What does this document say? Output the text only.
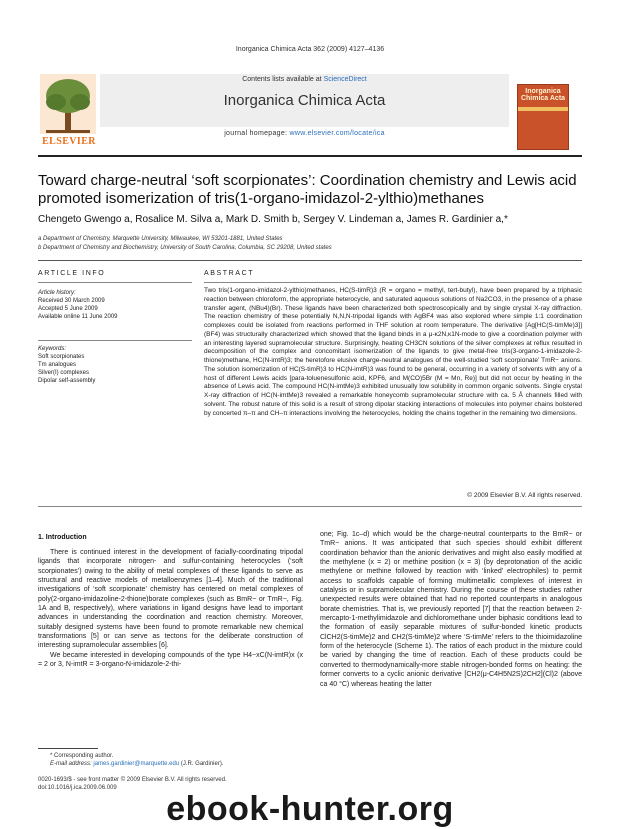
Inorganica Chimica Acta 362 (2009) 4127–4136
Contents lists available at ScienceDirect
Inorganica Chimica Acta
journal homepage: www.elsevier.com/locate/ica
ELSEVIER
Inorganica Chimica Acta
Toward charge-neutral ‘soft scorpionates’: Coordination chemistry and Lewis acid promoted isomerization of tris(1-organo-imidazol-2-ylthio)methanes
Chengeto Gwengo a, Rosalice M. Silva a, Mark D. Smith b, Sergey V. Lindeman a, James R. Gardinier a,*
a Department of Chemistry, Marquette University, Milwaukee, WI 53201-1881, United States
b Department of Chemistry and Biochemistry, University of South Carolina, Columbia, SC 29208, United states
ARTICLE INFO	ABSTRACT
Article history:
Received 30 March 2009
Accepted 5 June 2009
Available online 11 June 2009
Keywords:
Soft scorpionates
Tm analogues
Silver(I) complexes
Dipolar self-assembly

Two tris(1-organo-imidazol-2-ylthio)methanes, HC(S-timR)3 (R = organo = methyl, tert-butyl), have been prepared by a triphasic reaction between chloroform, the appropriate heterocycle, and saturated aqueous solutions of Na2CO3, in the presence of a phase transfer agent, (NBu4)(Br). These ligands have been characterized both spectroscopically and by single crystal X-ray diffraction. The reaction chemistry of these potentially N,N,N-tripodal ligands with AgBF4 was also explored where simple 1:1 coordination complexes could be isolated from reactions performed in THF solution at room temperature. The derivative [Ag[HC(S-timMe)3]](BF4) was structurally characterized which showed that the ligand binds in a μ-κ2N,κ1N-mode to give a coordination polymer with an interesting layered supramolecular structure. Surprisingly, heating CH3CN solutions of the silver complexes at reflux resulted in decomposition of the complex and concomitant isomerization of the ligands to give metal-free tris(3-organo-1-imidazole-2-thione)methane, HC(N-imtR)3; the heretofore elusive charge-neutral analogues of the well-studied ‘soft scorpionate’ TmR− anions. The solution isomerization of HC(S-timR)3 to HC(N-imtR)3 was found to be general, occurring in a variety of solvents with any of a host of different Lewis acids [para-toluenesulfonic acid, KPF6, and M(CO)5Br (M = Mn, Re)] but did not occur by heating in the absence of Lewis acid. The compound HC(N-imtMe)3 exhibited unusually low solubility in common organic solvents. Single crystal X-ray diffraction of HC(N-imtMe)3 revealed a remarkable honeycomb supramolecular structure with ca. 5 Å channels filled with solvent. The robust nature of this solid is a result of strong dipolar stacking interactions of molecules into polymer chains bolstered by concerted π–π and CH–π interactions involving the heterocycles, holding the chains together in the remaining two dimensions.

© 2009 Elsevier B.V. All rights reserved.
1. Introduction

There is continued interest in the development of facially-coordinating tripodal ligands that incorporate nitrogen- and sulfur-containing heterocycles (‘soft scorpionates’) owing to the ability of metal complexes of these ligands to serve as structural and reactive models of metalloenzymes [1–4]. Much of the traditional investigations of ‘soft scorpionate’ chemistry has centered on metal complexes of poly(2-organo-imidazoline-2-thione)borate complexes (such as BmR− or TmR−, Fig. 1A and B, respectively), where variations in ligand designs have lead to important advances in understanding the coordination and reaction chemistry. Moreover, suitably designed systems have been found to promote remarkable new chemical transformations [5] or can serve as tectons for the deliberate construction of interesting supramolecular assemblies [6].

We became interested in developing compounds of the type H4−xC(N-imtR)x (x = 2 or 3, N-imtR = 3-organo-N-imidazole-2-thi-

one; Fig. 1c–d) which would be the charge-neutral counterparts to the BmR− or TmR− anions. It was anticipated that such species should exhibit different coordination behavior than the anionic derivatives and might also easily modified at the methylene (x = 2) or methine position (x = 3) (by deprotonation of the acidic methylene or methine followed by reaction with ‘linked’ electrophiles) to permit access to scaffolds capable of forming multimetallic complexes of interest in catalysis or in supramolecular chemistry. During the course of these studies rather unexpected results were obtained that had no reported counterparts in analogous borate chemistries. That is, we previously reported [7] that the reaction between 2-mercapto-1-methylimidazole and dichloromethane under biphasic conditions lead to the formation of easily separable mixtures of sulfur-bonded kinetic products ClCH2(S-timMe)2 and CH2(S-timMe)2 where ‘S-timMe’ refers to the thioimidazoline form of the heterocycle (Scheme 1). The ratios of each product in the mixture could be varied by changing the time of reaction. Each of these products could be converted to thermodynamically-more stable nitrogen-bonded forms on heating: the former converts to a cyclic anionic derivative [CH2(μ-C4H5N2S)2CH2](Cl)2 (above ca 40 °C) whereas heating the latter

* Corresponding author.
E-mail address: james.gardinier@marquette.edu (J.R. Gardinier).
0020-1693/$ - see front matter © 2009 Elsevier B.V. All rights reserved.
doi:10.1016/j.ica.2009.06.009
ebook-hunter.org
